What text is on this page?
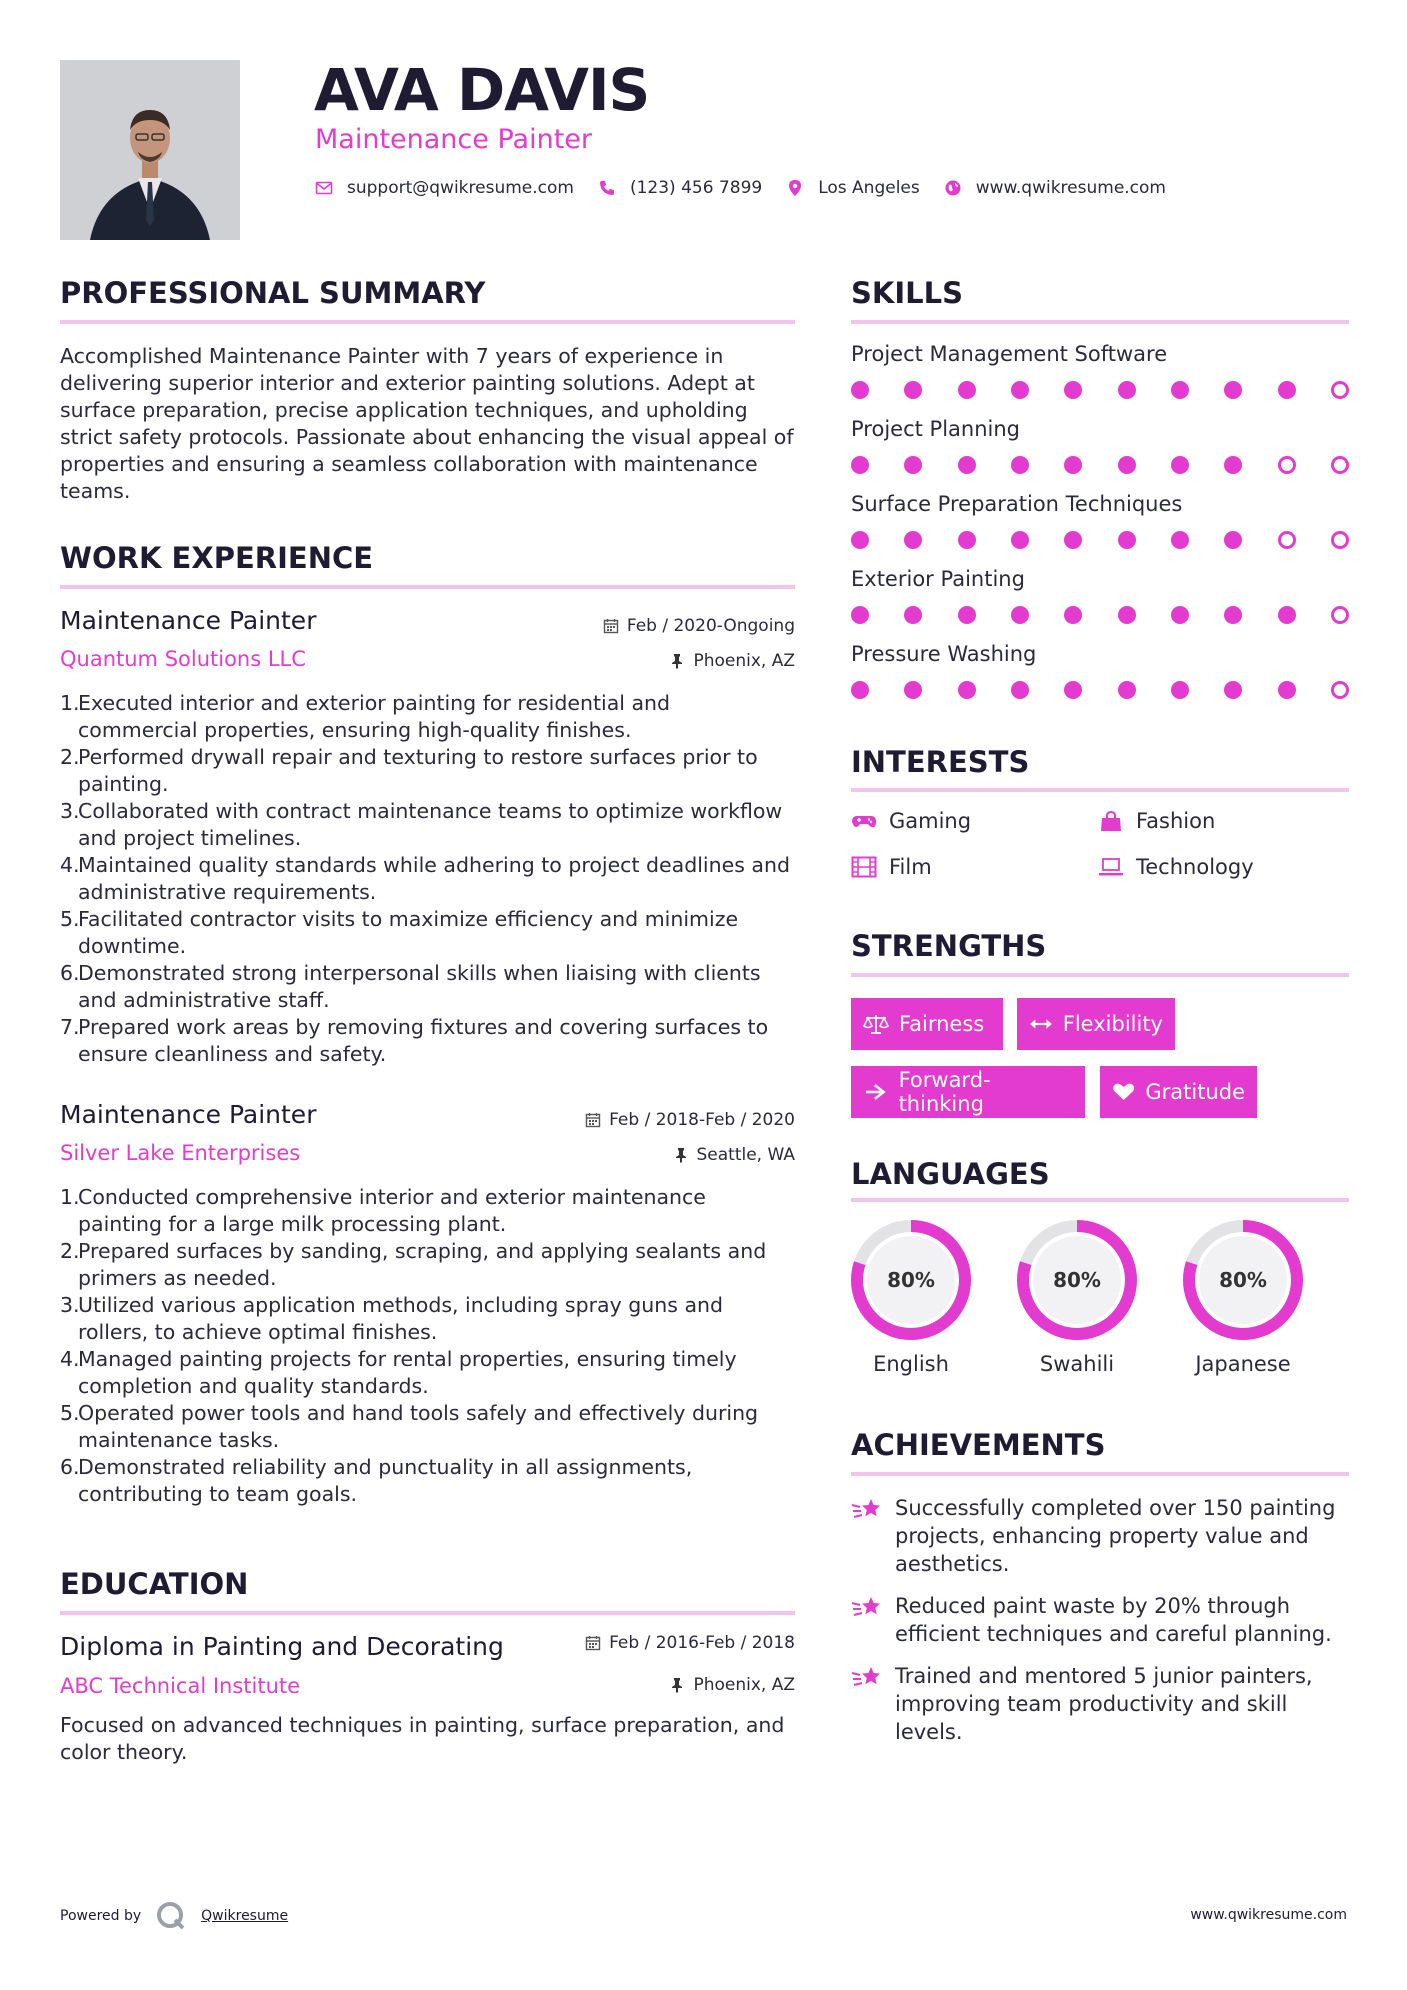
AVA DAVIS
Maintenance Painter
support@qwikresume.com	(123) 456 7899	Los Angeles	www.qwikresume.com
PROFESSIONAL SUMMARY
Accomplished Maintenance Painter with 7 years of experience in delivering superior interior and exterior painting solutions. Adept at surface preparation, precise application techniques, and upholding strict safety protocols. Passionate about enhancing the visual appeal of properties and ensuring a seamless collaboration with maintenance teams.
WORK EXPERIENCE
Maintenance Painter	Feb / 2020-Ongoing
Quantum Solutions LLC	Phoenix, AZ
Executed interior and exterior painting for residential and commercial properties, ensuring high-quality finishes.
Performed drywall repair and texturing to restore surfaces prior to painting.
Collaborated with contract maintenance teams to optimize workflow and project timelines.
Maintained quality standards while adhering to project deadlines and administrative requirements.
Facilitated contractor visits to maximize efficiency and minimize downtime.
Demonstrated strong interpersonal skills when liaising with clients and administrative staff.
Prepared work areas by removing fixtures and covering surfaces to ensure cleanliness and safety.
Maintenance Painter	Feb / 2018-Feb / 2020
Silver Lake Enterprises	Seattle, WA
Conducted comprehensive interior and exterior maintenance painting for a large milk processing plant.
Prepared surfaces by sanding, scraping, and applying sealants and primers as needed.
Utilized various application methods, including spray guns and rollers, to achieve optimal finishes.
Managed painting projects for rental properties, ensuring timely completion and quality standards.
Operated power tools and hand tools safely and effectively during maintenance tasks.
Demonstrated reliability and punctuality in all assignments, contributing to team goals.
EDUCATION
Diploma in Painting and Decorating	Feb / 2016-Feb / 2018
ABC Technical Institute	Phoenix, AZ
Focused on advanced techniques in painting, surface preparation, and color theory.
SKILLS
Project Management Software
Project Planning
Surface Preparation Techniques
Exterior Painting
Pressure Washing
INTERESTS
Gaming	Fashion
Film	Technology
STRENGTHS
Fairness	Flexibility
Forward-thinking	Gratitude
LANGUAGES
80%
English
80%
Swahili
80%
Japanese
ACHIEVEMENTS
Successfully completed over 150 painting projects, enhancing property value and aesthetics.
Reduced paint waste by 20% through efficient techniques and careful planning.
Trained and mentored 5 junior painters, improving team productivity and skill levels.
Powered by	Qwikresume	www.qwikresume.com
